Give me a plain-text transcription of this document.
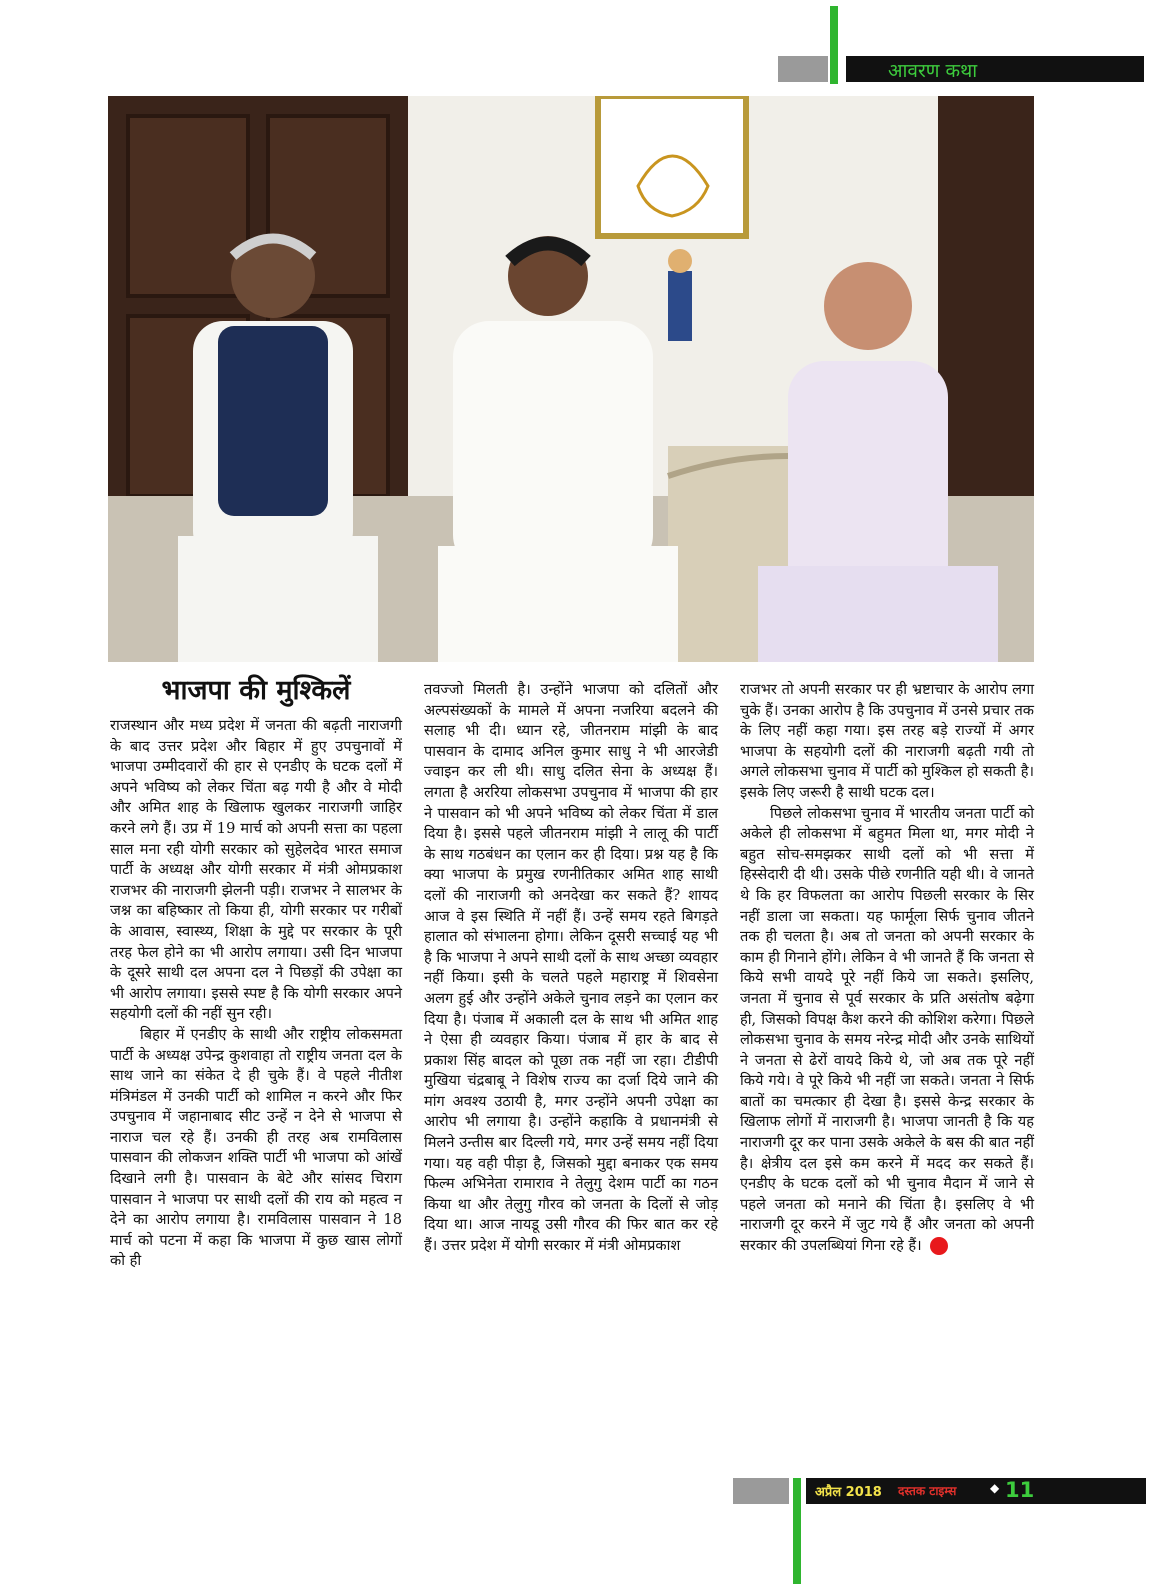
आवरण कथा
भाजपा की मुश्किलें

राजस्थान और मध्य प्रदेश में जनता की बढ़ती नाराजगी के बाद उत्तर प्रदेश और बिहार में हुए उपचुनावों में भाजपा उम्मीदवारों की हार से एनडीए के घटक दलों में अपने भविष्य को लेकर चिंता बढ़ गयी है और वे मोदी और अमित शाह के खिलाफ खुलकर नाराजगी जाहिर करने लगे हैं। उप्र में 19 मार्च को अपनी सत्ता का पहला साल मना रही योगी सरकार को सुहेलदेव भारत समाज पार्टी के अध्यक्ष और योगी सरकार में मंत्री ओमप्रकाश राजभर की नाराजगी झेलनी पड़ी। राजभर ने सालभर के जश्न का बहिष्कार तो किया ही, योगी सरकार पर गरीबों के आवास, स्वास्थ्य, शिक्षा के मुद्दे पर सरकार के पूरी तरह फेल होने का भी आरोप लगाया। उसी दिन भाजपा के दूसरे साथी दल अपना दल ने पिछड़ों की उपेक्षा का भी आरोप लगाया। इससे स्पष्ट है कि योगी सरकार अपने सहयोगी दलों की नहीं सुन रही।

बिहार में एनडीए के साथी और राष्ट्रीय लोकसमता पार्टी के अध्यक्ष उपेन्द्र कुशवाहा तो राष्ट्रीय जनता दल के साथ जाने का संकेत दे ही चुके हैं। वे पहले नीतीश मंत्रिमंडल में उनकी पार्टी को शामिल न करने और फिर उपचुनाव में जहानाबाद सीट उन्हें न देने से भाजपा से नाराज चल रहे हैं। उनकी ही तरह अब रामविलास पासवान की लोकजन शक्ति पार्टी भी भाजपा को आंखें दिखाने लगी है। पासवान के बेटे और सांसद चिराग पासवान ने भाजपा पर साथी दलों की राय को महत्व न देने का आरोप लगाया है। रामविलास पासवान ने 18 मार्च को पटना में कहा कि भाजपा में कुछ खास लोगों को ही

तवज्जो मिलती है। उन्होंने भाजपा को दलितों और अल्पसंख्यकों के मामले में अपना नजरिया बदलने की सलाह भी दी। ध्यान रहे, जीतनराम मांझी के बाद पासवान के दामाद अनिल कुमार साधु ने भी आरजेडी ज्वाइन कर ली थी। साधु दलित सेना के अध्यक्ष हैं। लगता है अररिया लोकसभा उपचुनाव में भाजपा की हार ने पासवान को भी अपने भविष्य को लेकर चिंता में डाल दिया है। इससे पहले जीतनराम मांझी ने लालू की पार्टी के साथ गठबंधन का एलान कर ही दिया। प्रश्न यह है कि क्या भाजपा के प्रमुख रणनीतिकार अमित शाह साथी दलों की नाराजगी को अनदेखा कर सकते हैं? शायद आज वे इस स्थिति में नहीं हैं। उन्हें समय रहते बिगड़ते हालात को संभालना होगा। लेकिन दूसरी सच्चाई यह भी है कि भाजपा ने अपने साथी दलों के साथ अच्छा व्यवहार नहीं किया। इसी के चलते पहले महाराष्ट्र में शिवसेना अलग हुई और उन्होंने अकेले चुनाव लड़ने का एलान कर दिया है। पंजाब में अकाली दल के साथ भी अमित शाह ने ऐसा ही व्यवहार किया। पंजाब में हार के बाद से प्रकाश सिंह बादल को पूछा तक नहीं जा रहा। टीडीपी मुखिया चंद्रबाबू ने विशेष राज्य का दर्जा दिये जाने की मांग अवश्य उठायी है, मगर उन्होंने अपनी उपेक्षा का आरोप भी लगाया है। उन्होंने कहाकि वे प्रधानमंत्री से मिलने उन्तीस बार दिल्ली गये, मगर उन्हें समय नहीं दिया गया। यह वही पीड़ा है, जिसको मुद्दा बनाकर एक समय फिल्म अभिनेता रामाराव ने तेलुगु देशम पार्टी का गठन किया था और तेलुगु गौरव को जनता के दिलों से जोड़ दिया था। आज नायडू उसी गौरव की फिर बात कर रहे हैं। उत्तर प्रदेश में योगी सरकार में मंत्री ओमप्रकाश

राजभर तो अपनी सरकार पर ही भ्रष्टाचार के आरोप लगा चुके हैं। उनका आरोप है कि उपचुनाव में उनसे प्रचार तक के लिए नहीं कहा गया। इस तरह बड़े राज्यों में अगर भाजपा के सहयोगी दलों की नाराजगी बढ़ती गयी तो अगले लोकसभा चुनाव में पार्टी को मुश्किल हो सकती है। इसके लिए जरूरी है साथी घटक दल।

पिछले लोकसभा चुनाव में भारतीय जनता पार्टी को अकेले ही लोकसभा में बहुमत मिला था, मगर मोदी ने बहुत सोच-समझकर साथी दलों को भी सत्ता में हिस्सेदारी दी थी। उसके पीछे रणनीति यही थी। वे जानते थे कि हर विफलता का आरोप पिछली सरकार के सिर नहीं डाला जा सकता। यह फार्मूला सिर्फ चुनाव जीतने तक ही चलता है। अब तो जनता को अपनी सरकार के काम ही गिनाने होंगे। लेकिन वे भी जानते हैं कि जनता से किये सभी वायदे पूरे नहीं किये जा सकते। इसलिए, जनता में चुनाव से पूर्व सरकार के प्रति असंतोष बढ़ेगा ही, जिसको विपक्ष कैश करने की कोशिश करेगा। पिछले लोकसभा चुनाव के समय नरेन्द्र मोदी और उनके साथियों ने जनता से ढेरों वायदे किये थे, जो अब तक पूरे नहीं किये गये। वे पूरे किये भी नहीं जा सकते। जनता ने सिर्फ बातों का चमत्कार ही देखा है। इससे केन्द्र सरकार के खिलाफ लोगों में नाराजगी है। भाजपा जानती है कि यह नाराजगी दूर कर पाना उसके अकेले के बस की बात नहीं है। क्षेत्रीय दल इसे कम करने में मदद कर सकते हैं। एनडीए के घटक दलों को भी चुनाव मैदान में जाने से पहले जनता को मनाने की चिंता है। इसलिए वे भी नाराजगी दूर करने में जुट गये हैं और जनता को अपनी सरकार की उपलब्धियां गिना रहे हैं।

अप्रैल 2018 दस्तक टाइम्स	◆ 11
